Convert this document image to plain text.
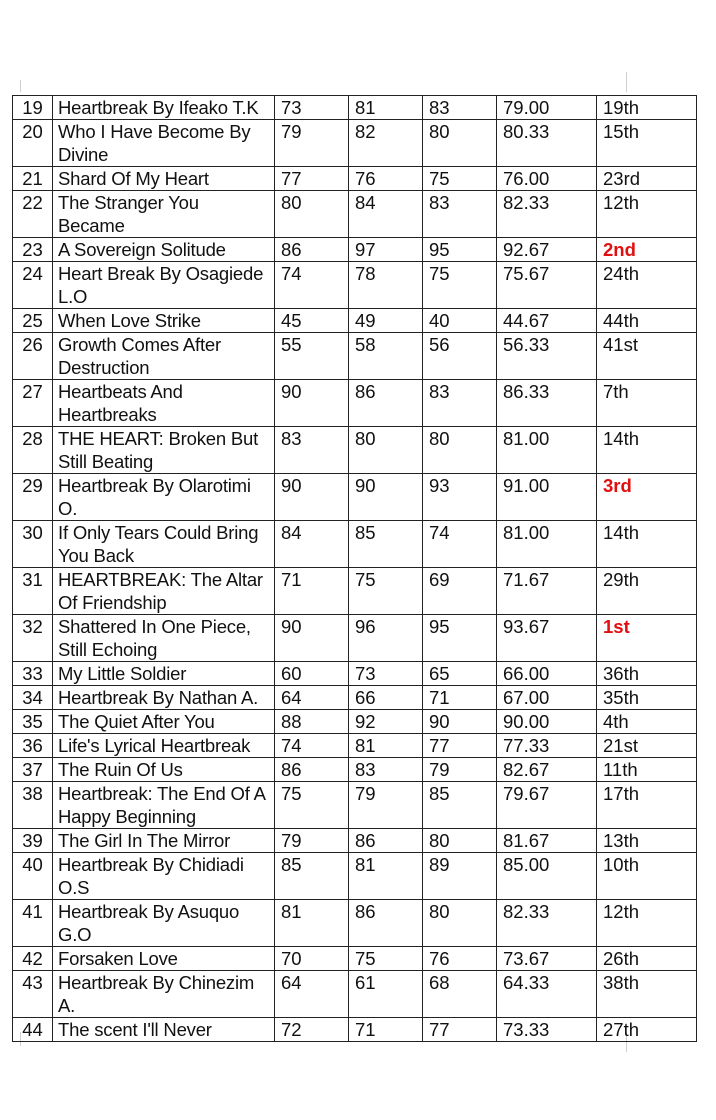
19	Heartbreak By Ifeako T.K	73	81	83	79.00	19th
20	Who I Have Become By Divine	79	82	80	80.33	15th
21	Shard Of My Heart	77	76	75	76.00	23rd
22	The Stranger You Became	80	84	83	82.33	12th
23	A Sovereign Solitude	86	97	95	92.67	2nd
24	Heart Break By Osagiede L.O	74	78	75	75.67	24th
25	When Love Strike	45	49	40	44.67	44th
26	Growth Comes After Destruction	55	58	56	56.33	41st
27	Heartbeats And Heartbreaks	90	86	83	86.33	7th
28	THE HEART: Broken But Still Beating	83	80	80	81.00	14th
29	Heartbreak By Olarotimi O.	90	90	93	91.00	3rd
30	If Only Tears Could Bring You Back	84	85	74	81.00	14th
31	HEARTBREAK: The Altar Of Friendship	71	75	69	71.67	29th
32	Shattered In One Piece, Still Echoing	90	96	95	93.67	1st
33	My Little Soldier	60	73	65	66.00	36th
34	Heartbreak By Nathan A.	64	66	71	67.00	35th
35	The Quiet After You	88	92	90	90.00	4th
36	Life's Lyrical Heartbreak	74	81	77	77.33	21st
37	The Ruin Of Us	86	83	79	82.67	11th
38	Heartbreak: The End Of A Happy Beginning	75	79	85	79.67	17th
39	The Girl In The Mirror	79	86	80	81.67	13th
40	Heartbreak By Chidiadi O.S	85	81	89	85.00	10th
41	Heartbreak By Asuquo G.O	81	86	80	82.33	12th
42	Forsaken Love	70	75	76	73.67	26th
43	Heartbreak By Chinezim A.	64	61	68	64.33	38th
44	The scent I'll Never	72	71	77	73.33	27th
